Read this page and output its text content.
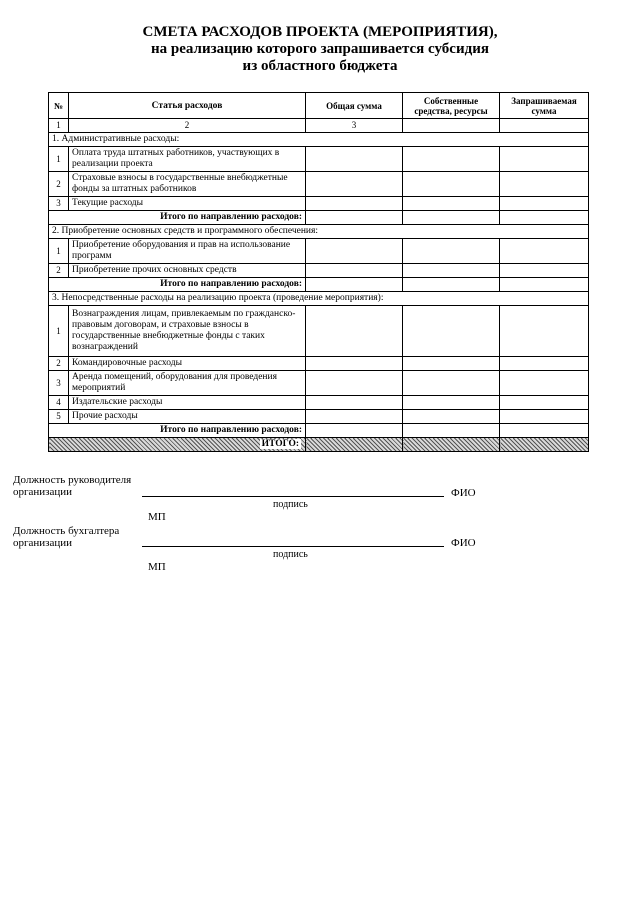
СМЕТА РАСХОДОВ ПРОЕКТА (МЕРОПРИЯТИЯ),
на реализацию которого запрашивается субсидия
из областного бюджета
№	Статья расходов	Общая сумма	Собственные средства, ресурсы	Запрашиваемая сумма
1	2	3		
1. Административные расходы:				
1	Оплата труда штатных работников, участвующих в реализации проекта			
2	Страховые взносы в государственные внебюджетные фонды за штатных работников			
3	Текущие расходы			
Итого по направлению расходов:				
2. Приобретение основных средств и программного обеспечения:				
1	Приобретение оборудования и прав на использование программ			
2	Приобретение прочих основных средств			
Итого по направлению расходов:				
3. Непосредственные расходы на реализацию проекта (проведение мероприятия):				
1	Вознаграждения лицам, привлекаемым по гражданско-правовым договорам, и страховые взносы в государственные внебюджетные фонды с таких вознаграждений			
2	Командировочные расходы			
3	Аренда помещений, оборудования для проведения мероприятий			
4	Издательские расходы			
5	Прочие расходы			
Итого по направлению расходов:				
ИТОГО:				
Должность руководителя
организации	ФИО
подпись
МП
Должность бухгалтера
организации	ФИО
подпись
МП
